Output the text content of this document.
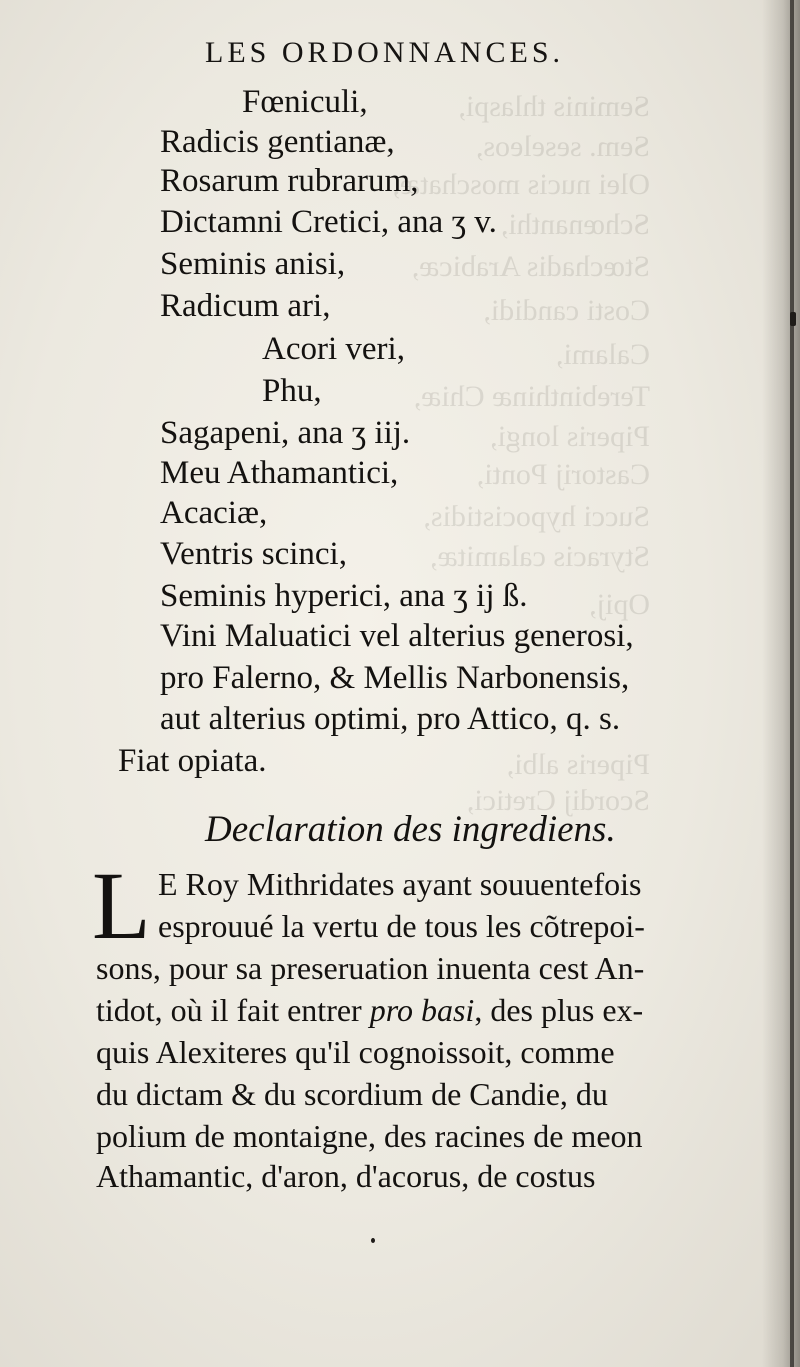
Seminis thlaspi,
Sem. seseleos,
Olei nucis moschatæ,
Schœnanthi,
Stœchadis Arabicæ,
Costi candidi,
Calami,
Terebinthinæ Chiæ,
Piperis longi,
Castorij Ponti,
Succi hypocistidis,
Styracis calamitæ,
Opij,
Piperis albi,
Scordij Cretici,
LES ORDONNANCES.
Fœniculi,
Radicis gentianæ,
Rosarum rubrarum,
Dictamni Cretici, ana ʒ v.
Seminis anisi,
Radicum ari,
Acori veri,
Phu,
Sagapeni, ana ʒ iij.
Meu Athamantici,
Acaciæ,
Ventris scinci,
Seminis hyperici, ana ʒ ij ß.
Vini Maluatici vel alterius generosi,
pro Falerno, & Mellis Narbonensis,
aut alterius optimi, pro Attico, q. s.
Fiat opiata.
Declaration des ingrediens.
L E Roy Mithridates ayant souuentefois
esprouué la vertu de tous les cõtrepoi-
sons, pour sa preseruation inuenta cest An-
tidot, où il fait entrer pro basi, des plus ex-
quis Alexiteres qu'il cognoissoit, comme
du dictam & du scordium de Candie, du
polium de montaigne, des racines de meon
Athamantic, d'aron, d'acorus, de costus
